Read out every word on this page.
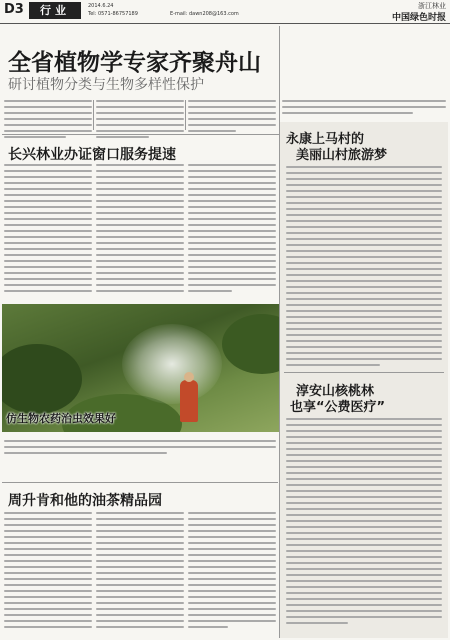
D3	行业	2014.6.24
Tel: 0571-86757189	E-mail: dawn208@163.com
浙江林业
中国绿色时报
全省植物学专家齐聚舟山
研讨植物分类与生物多样性保护
长兴林业办证窗口服务提速
永康上马村的
美丽山村旅游梦
淳安山核桃林
也享“公费医疗”
仿生物农药治虫效果好
周升肯和他的油茶精品园
